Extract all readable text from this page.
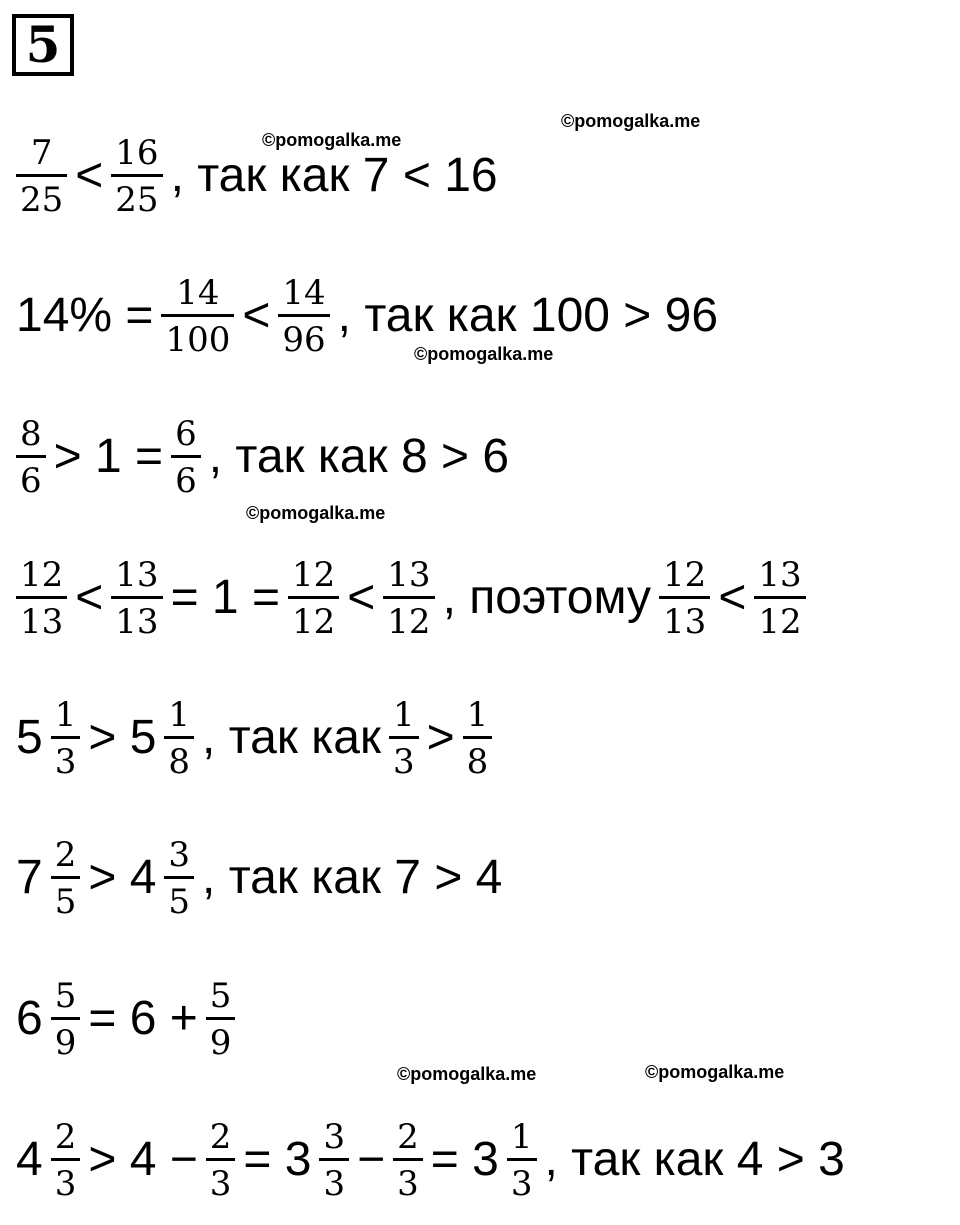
5
©pomogalka.me
©pomogalka.me
©pomogalka.me
©pomogalka.me
©pomogalka.me	©pomogalka.me
$\frac{7}{25} < \frac{16}{25}$ , так как 7 < 16
$14\% = \frac{14}{100} < \frac{14}{96}$ , так как 100 > 96
$\frac{8}{6} > 1 = \frac{6}{6}$ , так как 8 > 6
$\frac{12}{13} < \frac{13}{13} = 1 = \frac{12}{12} < \frac{13}{12}$ , поэтому $\frac{12}{13} < \frac{13}{12}$
$5 \frac{1}{3} > 5 \frac{1}{8}$ , так как $\frac{1}{3} > \frac{1}{8}$
$7 \frac{2}{5} > 4 \frac{3}{5}$ , так как 7 > 4
$6 \frac{5}{9} = 6 + \frac{5}{9}$
$4 \frac{2}{3} > 4 - \frac{2}{3} = 3 \frac{3}{3} - \frac{2}{3} = 3 \frac{1}{3}$ , так как 4 > 3
